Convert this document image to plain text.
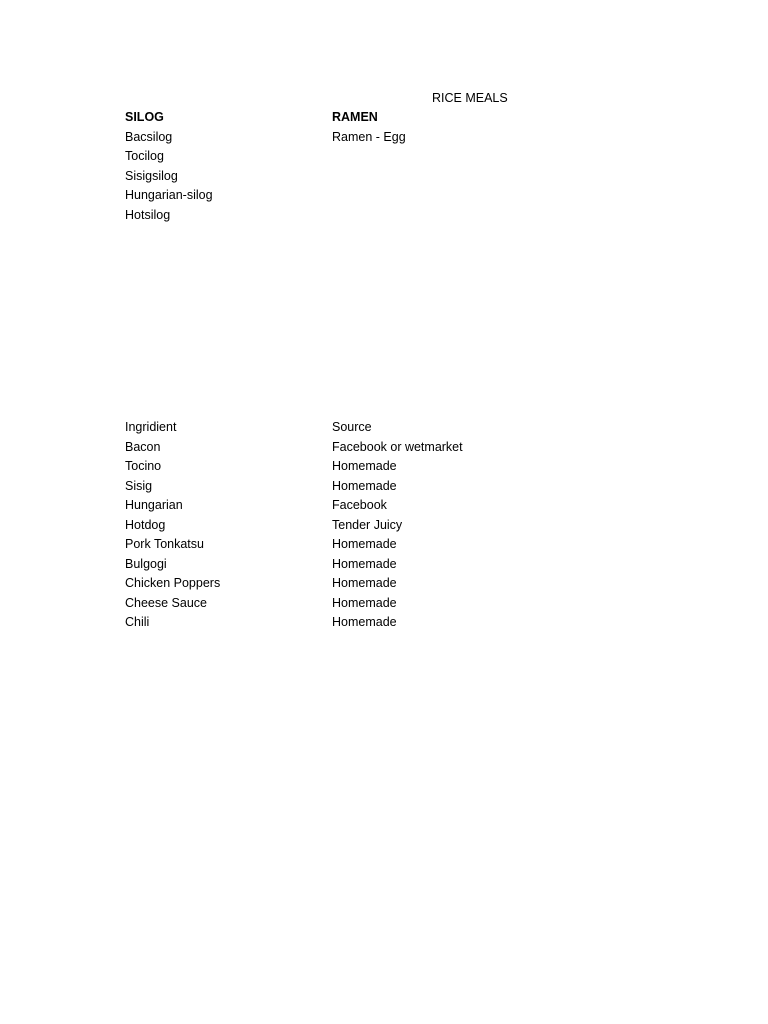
RICE MEALS
SILOG
Bacsilog
Tocilog
Sisigsilog
Hungarian-silog
Hotsilog
RAMEN
Ramen - Egg
Ingridient
Bacon
Tocino
Sisig
Hungarian
Hotdog
Pork Tonkatsu
Bulgogi
Chicken Poppers
Cheese Sauce
Chili
Source
Facebook or wetmarket
Homemade
Homemade
Facebook
Tender Juicy
Homemade
Homemade
Homemade
Homemade
Homemade
